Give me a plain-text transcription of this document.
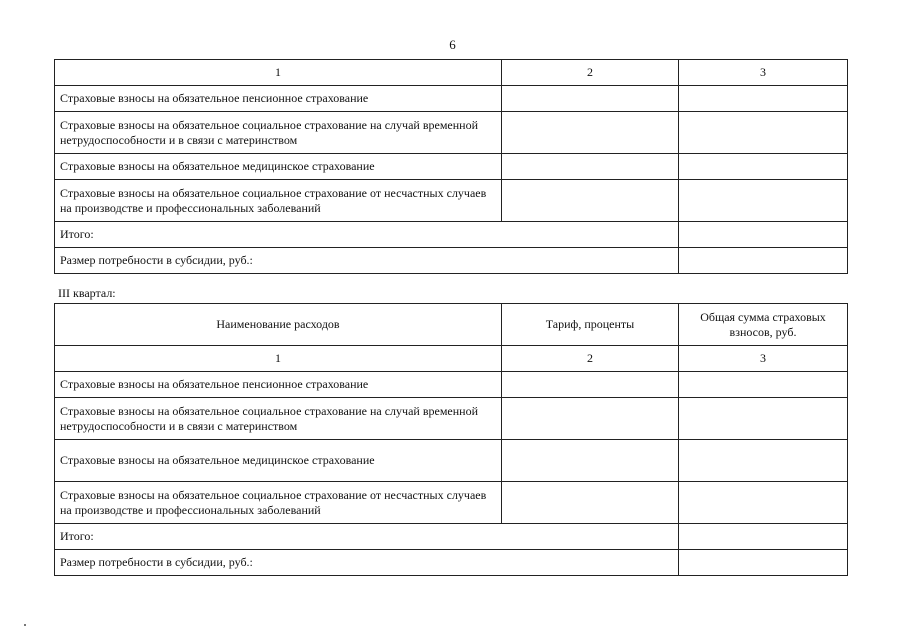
6
1	2	3
Страховые взносы на обязательное пенсионное страхование		
Страховые взносы на обязательное социальное страхование на случай временной нетрудоспособности и в связи с материнством		
Страховые взносы на обязательное медицинское страхование		
Страховые взносы на обязательное социальное страхование от несчастных случаев на производстве и профессиональных заболеваний		
Итого:		
Размер потребности в субсидии, руб.:		
III квартал:
Наименование расходов	Тариф, проценты	Общая сумма страховых взносов, руб.
1	2	3
Страховые взносы на обязательное пенсионное страхование		
Страховые взносы на обязательное социальное страхование на случай временной нетрудоспособности и в связи с материнством		
Страховые взносы на обязательное медицинское страхование		
Страховые взносы на обязательное социальное страхование от несчастных случаев на производстве и профессиональных заболеваний		
Итого:		
Размер потребности в субсидии, руб.:		
